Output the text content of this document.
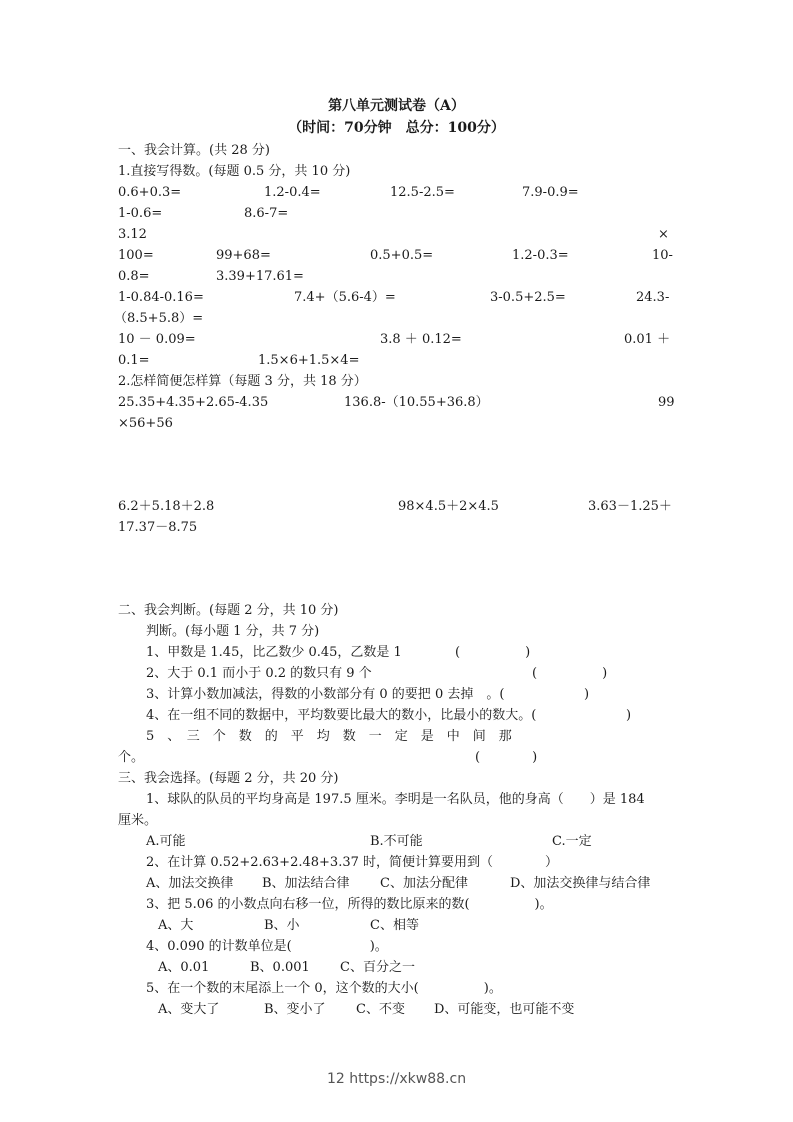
第八单元测试卷（A）
（时间：70分钟　总分：100分）
一、我会计算。(共 28 分)
1.直接写得数。(每题 0.5 分，共 10 分)
0.6+0.3=	1.2-0.4=	12.5-2.5=	7.9-0.9=
1-0.6=	8.6-7=
3.12	×
100=	99+68=	0.5+0.5=	1.2-0.3=	10-
0.8=	3.39+17.61=
1-0.84-0.16=	7.4+（5.6-4）=	3-0.5+2.5=	24.3-
（8.5+5.8）=
10 － 0.09=	3.8 ＋ 0.12=	0.01 ＋
0.1=	1.5×6+1.5×4=
2.怎样简便怎样算（每题 3 分，共 18 分）
25.35+4.35+2.65-4.35	136.8-（10.55+36.8）	99
×56+56
6.2＋5.18＋2.8	98×4.5＋2×4.5	3.63－1.25＋
17.37－8.75
二、我会判断。(每题 2 分，共 10 分)
判断。(每小题 1 分，共 7 分)
1、甲数是 1.45，比乙数少 0.45，乙数是 1	(　　　　　)
2、大于 0.1 而小于 0.2 的数只有 9 个	(　　　　　)
3、计算小数加减法，得数的小数部分有 0 的要把 0 去掉　。( 　　　　)
4、在一组不同的数据中，平均数要比最大的数小，比最小的数大。(	　　　　)
5　、　三　个　数　的　平　均　数　一　定　是　中　间　那
个。	(　　　　)
三、我会选择。(每题 2 分，共 20 分)
1、球队的队员的平均身高是 197.5 厘米。李明是一名队员，他的身高（　　）是 184
厘米。
A.可能	B.不可能	C.一定
2、在计算 0.52+2.63+2.48+3.37 时，简便计算要用到（　　　　）
A、加法交换律 B、加法结合律 C、加法分配律	D、加法交换律与结合律
3、把 5.06 的小数点向右移一位，所得的数比原来的数(　　　　　)。
A、大	B、小	C、相等
4、0.090 的计数单位是(　　　　　　)。
A、0.01	B、0.001 C、百分之一
5、在一个数的末尾添上一个 0，这个数的大小(　　　　　)。
A、变大了	B、变小了 C、不变 D、可能变，也可能不变
12 https://xkw88.cn
